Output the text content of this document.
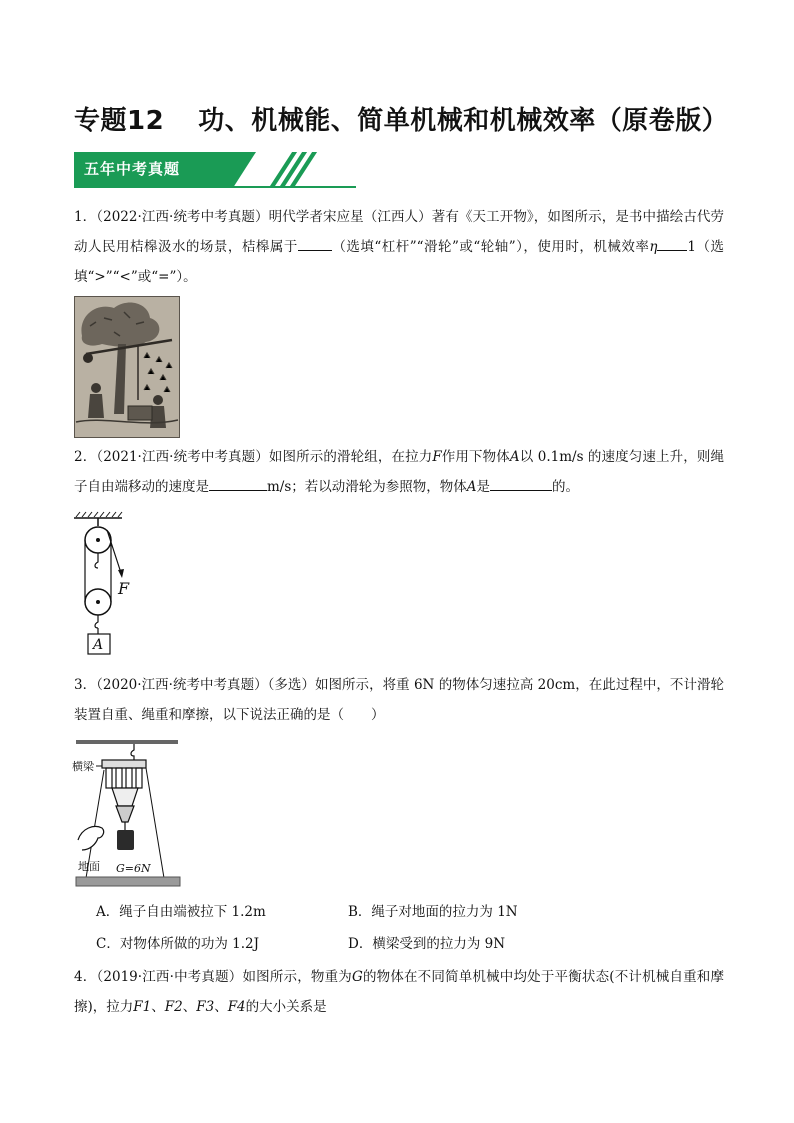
专题12 功、机械能、简单机械和机械效率（原卷版）
五年中考真题
1．（2022·江西·统考中考真题）明代学者宋应星（江西人）著有《天工开物》，如图所示，是书中描绘古代劳动人民用桔槔汲水的场景，桔槔属于	（选填“杠杆”“滑轮”或“轮轴”），使用时，机械效率η 1（选填“>”“<”或“=”）。
2．（2021·江西·统考中考真题）如图所示的滑轮组，在拉力F作用下物体A以 0.1m/s 的速度匀速上升，则绳子自由端移动的速度是	m/s；若以动滑轮为参照物，物体A是	的。
F
A
3．（2020·江西·统考中考真题）（多选）如图所示，将重 6N 的物体匀速拉高 20cm，在此过程中，不计滑轮装置自重、绳重和摩擦，以下说法正确的是（　　）
横梁
地面 G=6N
A．绳子自由端被拉下 1.2m	B．绳子对地面的拉力为 1N
C．对物体所做的功为 1.2J	D．横梁受到的拉力为 9N
4．（2019·江西·中考真题）如图所示，物重为G的物体在不同简单机械中均处于平衡状态(不计机械自重和摩擦)，拉力F1、F2、F3、F4的大小关系是
